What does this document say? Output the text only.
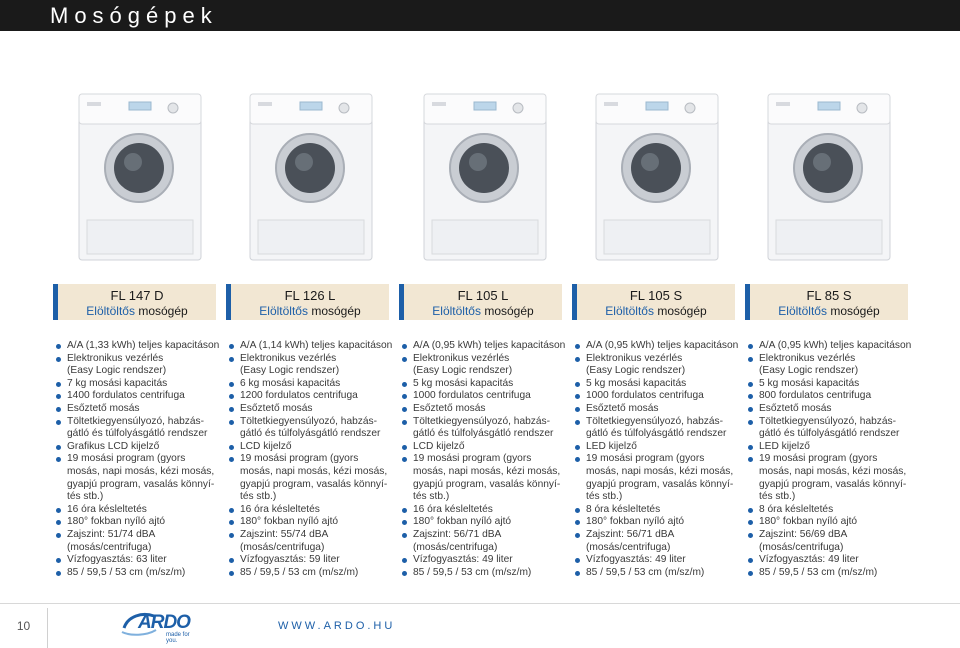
Mosógépek
FL 147 D
Elöltöltős mosógép
A/A (1,33 kWh) teljes kapacitáson
Elektronikus vezérlés
(Easy Logic rendszer)
7 kg mosási kapacitás
1400 fordulatos centrifuga
Esőztető mosás
Töltetkiegyensúlyozó, habzás-
gátló és túlfolyásgátló rendszer
Grafikus LCD kijelző
19 mosási program (gyors
mosás, napi mosás, kézi mosás,
gyapjú program, vasalás könnyí-
tés stb.)
16 óra késleltetés
180° fokban nyíló ajtó
Zajszint: 51/74 dBA
(mosás/centrifuga)
Vízfogyasztás: 63 liter
85 / 59,5 / 53 cm (m/sz/m)
FL 126 L
Elöltöltős mosógép
A/A (1,14 kWh) teljes kapacitáson
Elektronikus vezérlés
(Easy Logic rendszer)
6 kg mosási kapacitás
1200 fordulatos centrifuga
Esőztető mosás
Töltetkiegyensúlyozó, habzás-
gátló és túlfolyásgátló rendszer
LCD kijelző
19 mosási program (gyors
mosás, napi mosás, kézi mosás,
gyapjú program, vasalás könnyí-
tés stb.)
16 óra késleltetés
180° fokban nyíló ajtó
Zajszint: 55/74 dBA
(mosás/centrifuga)
Vízfogyasztás: 59 liter
85 / 59,5 / 53 cm (m/sz/m)
FL 105 L
Elöltöltős mosógép
A/A (0,95 kWh) teljes kapacitáson
Elektronikus vezérlés
(Easy Logic rendszer)
5 kg mosási kapacitás
1000 fordulatos centrifuga
Esőztető mosás
Töltetkiegyensúlyozó, habzás-
gátló és túlfolyásgátló rendszer
LCD kijelző
19 mosási program (gyors
mosás, napi mosás, kézi mosás,
gyapjú program, vasalás könnyí-
tés stb.)
16 óra késleltetés
180° fokban nyíló ajtó
Zajszint: 56/71 dBA
(mosás/centrifuga)
Vízfogyasztás: 49 liter
85 / 59,5 / 53 cm (m/sz/m)
FL 105 S
Elöltöltős mosógép
A/A (0,95 kWh) teljes kapacitáson
Elektronikus vezérlés
(Easy Logic rendszer)
5 kg mosási kapacitás
1000 fordulatos centrifuga
Esőztető mosás
Töltetkiegyensúlyozó, habzás-
gátló és túlfolyásgátló rendszer
LED kijelző
19 mosási program (gyors
mosás, napi mosás, kézi mosás,
gyapjú program, vasalás könnyí-
tés stb.)
8 óra késleltetés
180° fokban nyíló ajtó
Zajszint: 56/71 dBA
(mosás/centrifuga)
Vízfogyasztás: 49 liter
85 / 59,5 / 53 cm (m/sz/m)
FL 85 S
Elöltöltős mosógép
A/A (0,95 kWh) teljes kapacitáson
Elektronikus vezérlés
(Easy Logic rendszer)
5 kg mosási kapacitás
800 fordulatos centrifuga
Esőztető mosás
Töltetkiegyensúlyozó, habzás-
gátló és túlfolyásgátló rendszer
LED kijelző
19 mosási program (gyors
mosás, napi mosás, kézi mosás,
gyapjú program, vasalás könnyí-
tés stb.)
8 óra késleltetés
180° fokban nyíló ajtó
Zajszint: 56/69 dBA
(mosás/centrifuga)
Vízfogyasztás: 49 liter
85 / 59,5 / 53 cm (m/sz/m)
10	ARDO
made for you.
WWW.ARDO.HU
